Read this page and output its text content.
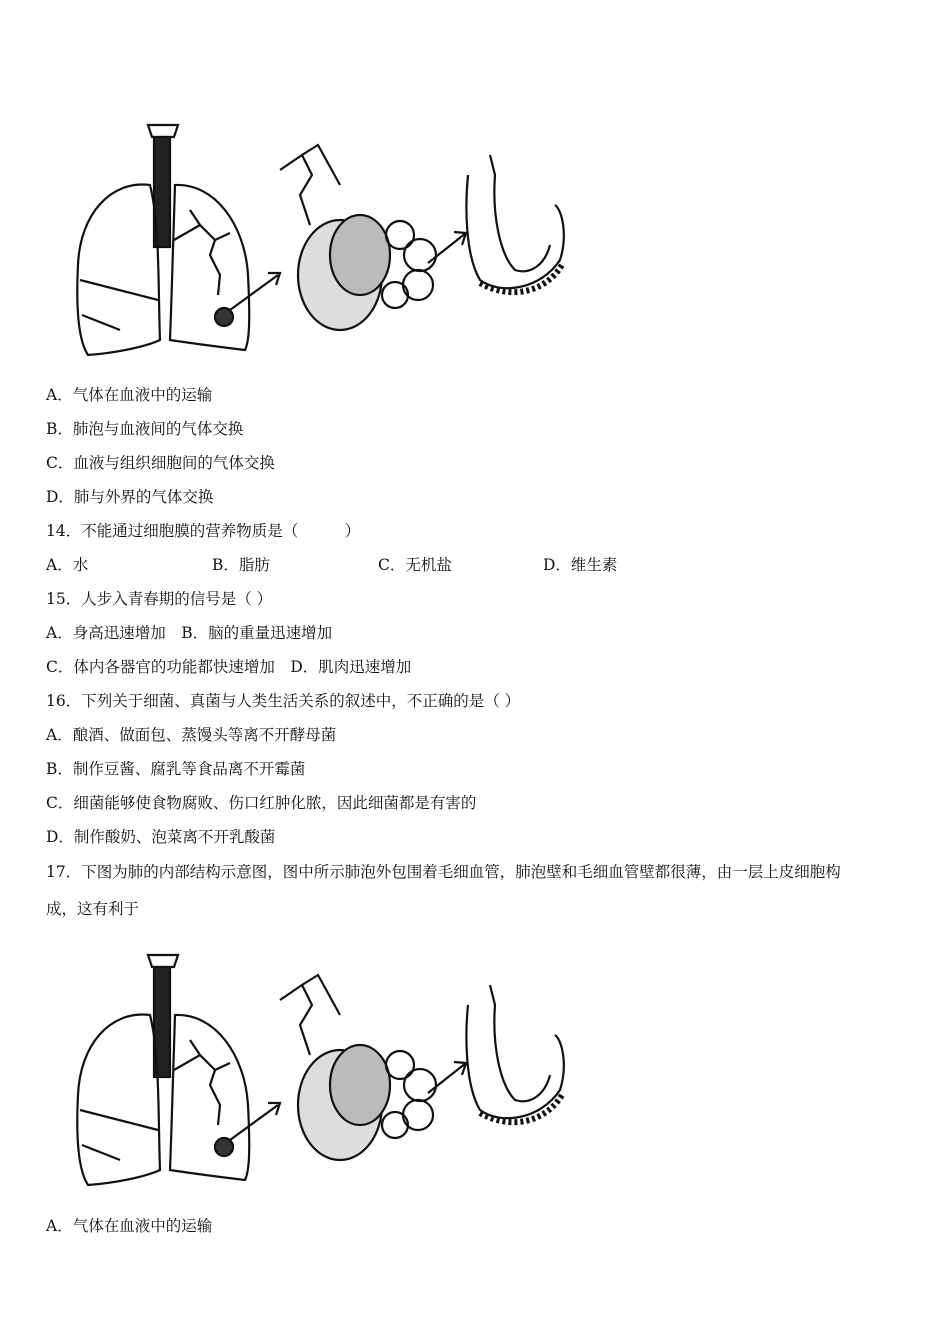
A．气体在血液中的运输
B．肺泡与血液间的气体交换
C．血液与组织细胞间的气体交换
D．肺与外界的气体交换
14．不能通过细胞膜的营养物质是（　　　）
A．水	B．脂肪	C．无机盐	D．维生素
15．人步入青春期的信号是（ ）
A．身高迅速增加　B．脑的重量迅速增加
C．体内各器官的功能都快速增加　D．肌肉迅速增加
16．下列关于细菌、真菌与人类生活关系的叙述中，不正确的是（ ）
A．酿酒、做面包、蒸馒头等离不开酵母菌
B．制作豆酱、腐乳等食品离不开霉菌
C．细菌能够使食物腐败、伤口红肿化脓，因此细菌都是有害的
D．制作酸奶、泡菜离不开乳酸菌
17．下图为肺的内部结构示意图，图中所示肺泡外包围着毛细血管，肺泡壁和毛细血管壁都很薄，由一层上皮细胞构
成，这有利于
A．气体在血液中的运输
